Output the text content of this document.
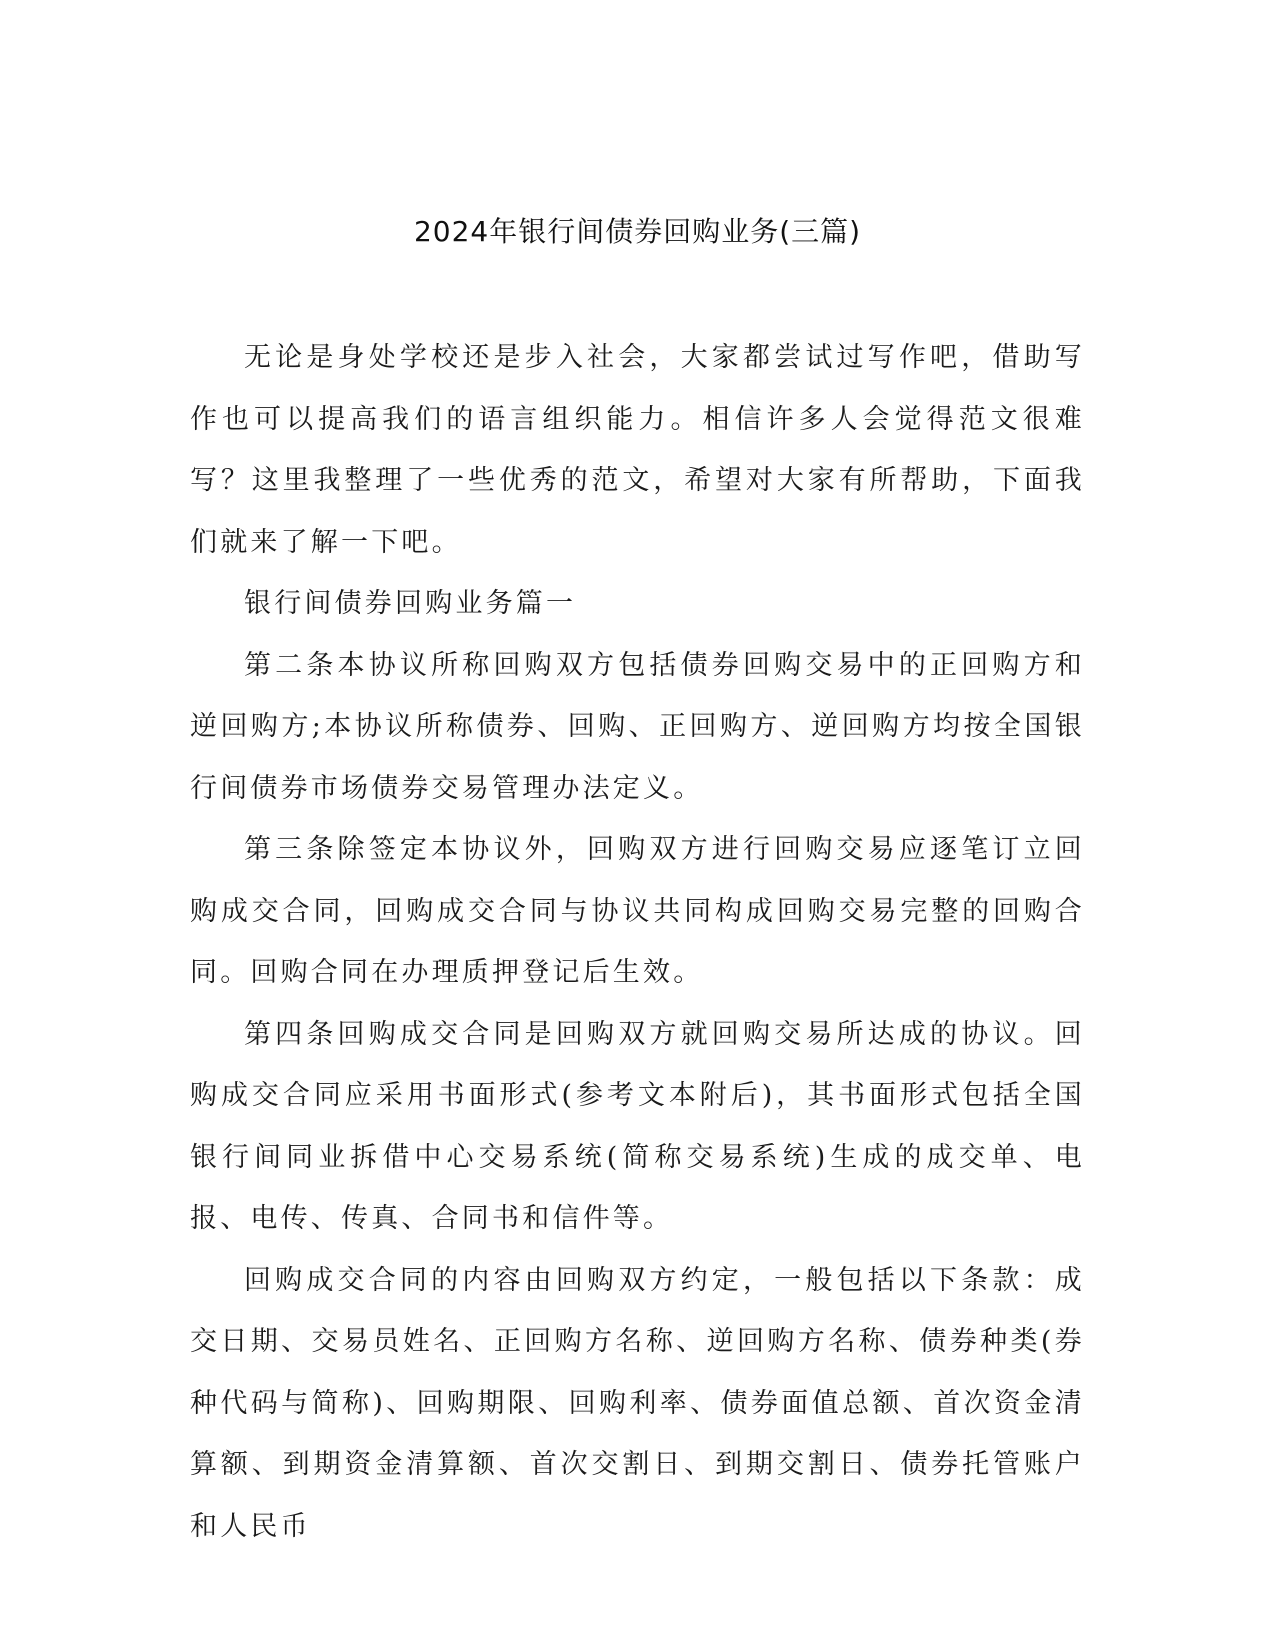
2024年银行间债券回购业务(三篇)

无论是身处学校还是步入社会，大家都尝试过写作吧，借助写作也可以提高我们的语言组织能力。相信许多人会觉得范文很难写？这里我整理了一些优秀的范文，希望对大家有所帮助，下面我们就来了解一下吧。

银行间债券回购业务篇一

第二条本协议所称回购双方包括债券回购交易中的正回购方和逆回购方;本协议所称债券、回购、正回购方、逆回购方均按全国银行间债券市场债券交易管理办法定义。

第三条除签定本协议外，回购双方进行回购交易应逐笔订立回购成交合同，回购成交合同与协议共同构成回购交易完整的回购合同。回购合同在办理质押登记后生效。

第四条回购成交合同是回购双方就回购交易所达成的协议。回购成交合同应采用书面形式(参考文本附后)，其书面形式包括全国银行间同业拆借中心交易系统(简称交易系统)生成的成交单、电报、电传、传真、合同书和信件等。

回购成交合同的内容由回购双方约定，一般包括以下条款：成交日期、交易员姓名、正回购方名称、逆回购方名称、债券种类(券种代码与简称)、回购期限、回购利率、债券面值总额、首次资金清算额、到期资金清算额、首次交割日、到期交割日、债券托管账户和人民币
